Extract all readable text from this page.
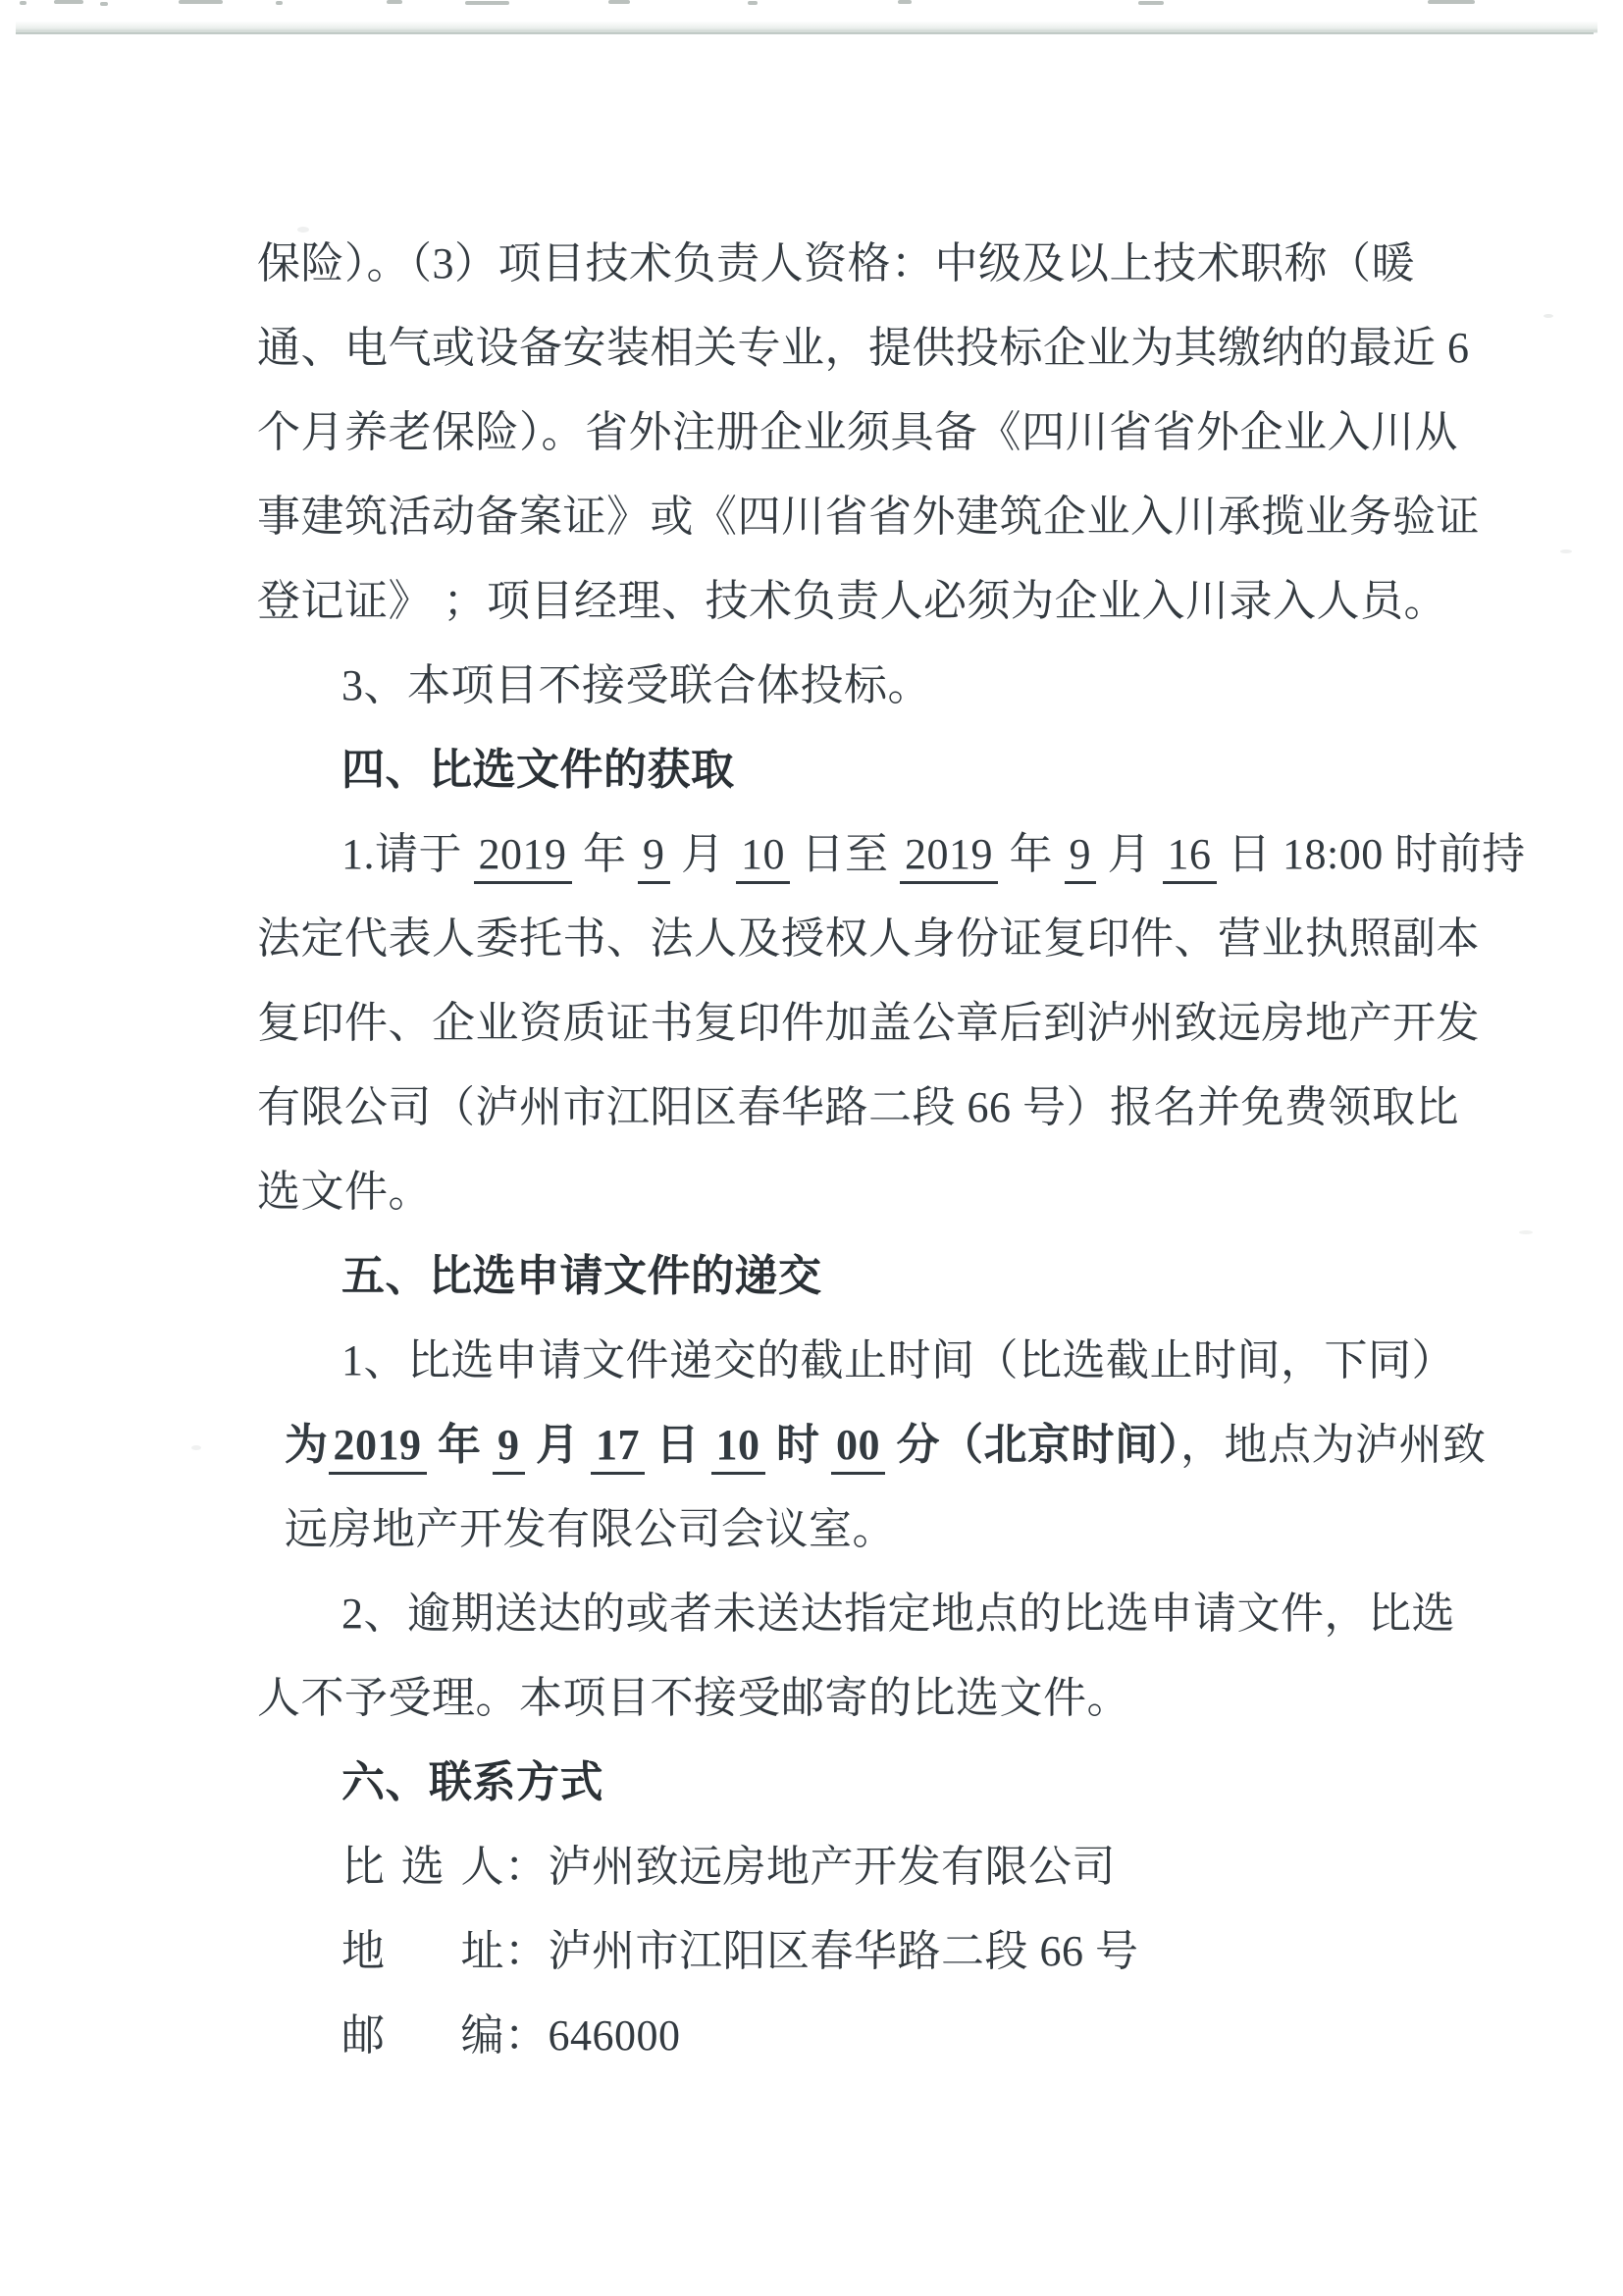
保险）。（3）项目技术负责人资格：中级及以上技术职称（暖
通、电气或设备安装相关专业，提供投标企业为其缴纳的最近 6
个月养老保险）。省外注册企业须具备《四川省省外企业入川从
事建筑活动备案证》或《四川省省外建筑企业入川承揽业务验证
登记证》 ；项目经理、技术负责人必须为企业入川录入人员。
3、本项目不接受联合体投标。
四、比选文件的获取
1.请于 2019 年 9 月 10 日至 2019 年 9 月 16 日 18:00 时前持
法定代表人委托书、法人及授权人身份证复印件、营业执照副本
复印件、企业资质证书复印件加盖公章后到泸州致远房地产开发
有限公司（泸州市江阳区春华路二段 66 号）报名并免费领取比
选文件。
五、比选申请文件的递交
1、比选申请文件递交的截止时间（比选截止时间，下同）
为 2019 年 9 月 17 日 10 时 00 分（北京时间），地点为泸州致
远房地产开发有限公司会议室。
2、逾期送达的或者未送达指定地点的比选申请文件，比选
人不予受理。本项目不接受邮寄的比选文件。
六、联系方式
比选人：泸州致远房地产开发有限公司
地址：泸州市江阳区春华路二段 66 号
邮编：646000
